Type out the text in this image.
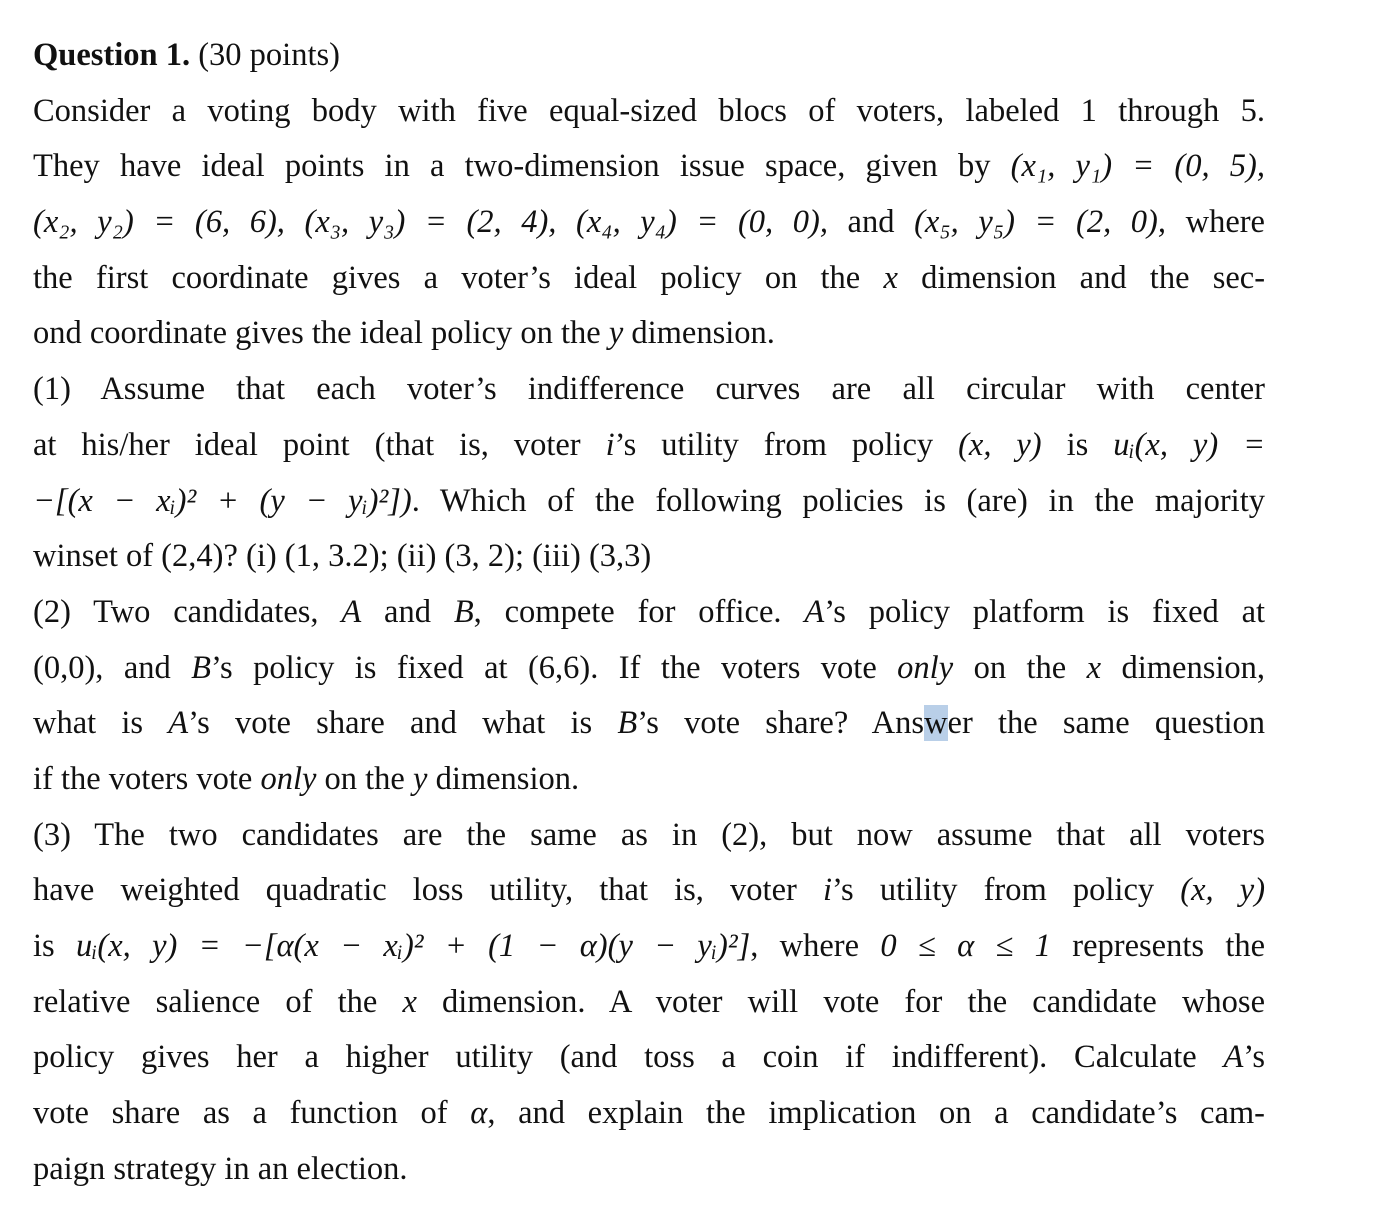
Question 1. (30 points)
Consider a voting body with five equal-sized blocs of voters, labeled 1 through 5.
They have ideal points in a two-dimension issue space, given by (x₁, y₁) = (0, 5),
(x₂, y₂) = (6, 6), (x₃, y₃) = (2, 4), (x₄, y₄) = (0, 0), and (x₅, y₅) = (2, 0), where
the first coordinate gives a voter’s ideal policy on the x dimension and the sec-
ond coordinate gives the ideal policy on the y dimension.
(1) Assume that each voter’s indifference curves are all circular with center
at his/her ideal point (that is, voter i’s utility from policy (x, y) is uᵢ(x, y) =
−[(x − xᵢ)² + (y − yᵢ)²]). Which of the following policies is (are) in the majority
winset of (2,4)? (i) (1, 3.2); (ii) (3, 2); (iii) (3,3)
(2) Two candidates, A and B, compete for office. A’s policy platform is fixed at
(0,0), and B’s policy is fixed at (6,6). If the voters vote only on the x dimension,
what is A’s vote share and what is B’s vote share? Answer the same question
if the voters vote only on the y dimension.
(3) The two candidates are the same as in (2), but now assume that all voters
have weighted quadratic loss utility, that is, voter i’s utility from policy (x, y)
is uᵢ(x, y) = −[α(x − xᵢ)² + (1 − α)(y − yᵢ)²], where 0 ≤ α ≤ 1 represents the
relative salience of the x dimension. A voter will vote for the candidate whose
policy gives her a higher utility (and toss a coin if indifferent). Calculate A’s
vote share as a function of α, and explain the implication on a candidate’s cam-
paign strategy in an election.
